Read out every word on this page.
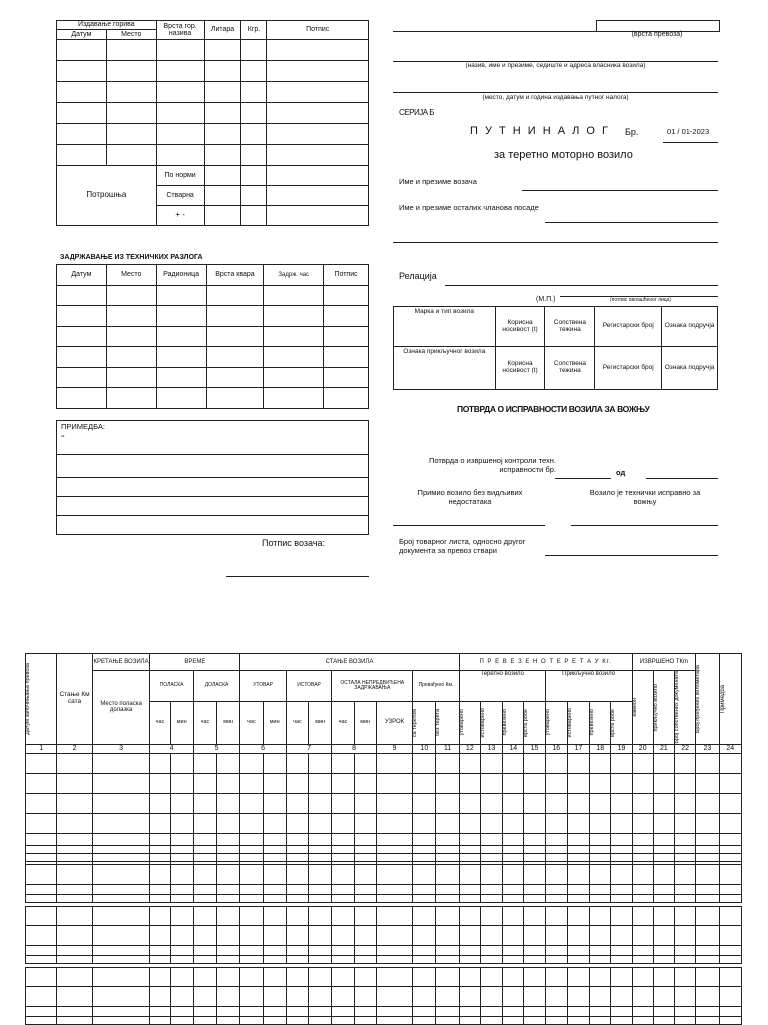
Издавање горива		Врста гор. назива	Литара	Кгр.	Потпис
Датум	Место				

Потрошња		По норми			
		Стварна			
		+ -			
ЗАДРЖАВАЊЕ ИЗ ТЕХНИЧКИХ РАЗЛОГА
Датум	Место	Радионица	Врста квара	Задрж. час	Потпис

ПРИМЕДБА:
-

Потпис возача:
(врста превоза)
(назив, име и презиме, седиште и адреса власника возила)
(место, датум и година издавања путног налога)
СЕРИЈА Б
П У Т Н И Н А Л О Г Бр.	01 / 01-2023
за теретно моторно возило
Име и презиме возача
Име и презиме осталих чланова посаде
Релација
(М.П.)	(потпис овлашћеног лица)
Марка и тип возила	Корисна носивост (t)	Сопствена тежина	Регистарски број	Ознака подручја
Ознака прикључног возила	Корисна носивост (t)	Сопствена тежина	Регистарски број	Ознака подручја
ПОТВРДА О ИСПРАВНОСТИ ВОЗИЛА ЗА ВОЖЊУ
Потврда о извршеној контроли техн. исправности бр.	од
Примио возило без видљивих недостатака
Возило је технички исправно за вожњу
Број товарног листа, односно другог документа за превоз ствари
Датум започињања превоза	Стање Км сата	КРЕТАЊЕ ВОЗИЛА	ВРЕМЕ				СТАЊЕ ВОЗИЛА									П Р Е В Е З Е Н О Т Е Р Е Т А У Кг.								ИЗВРШЕНО ТКm			Број пређених километара	Примедба

		Место поласка долазка	ПОЛАСКА		ДОЛАСКА		УТОВАР		ИСТОВАР		ОСТАЛА НЕПРЕДВИЂЕНА ЗАДРЖАВАЊА			Превађено Км.		Теретно возило				Прикључно возило				камион	прикључно возило	Број сопствених докумената		

			час	мин	час	мин	час	мин	час	мин	час	мин	УЗРОК	са теретом	без терета	утоварено	истоварено	превезено	врста робе	утоварено	истоварено	превезено	врста робе					

1	2	3	4		5		6		7		8		9	10	11	12	13	14	15	16	17	18	19	20	21	22	23	24
